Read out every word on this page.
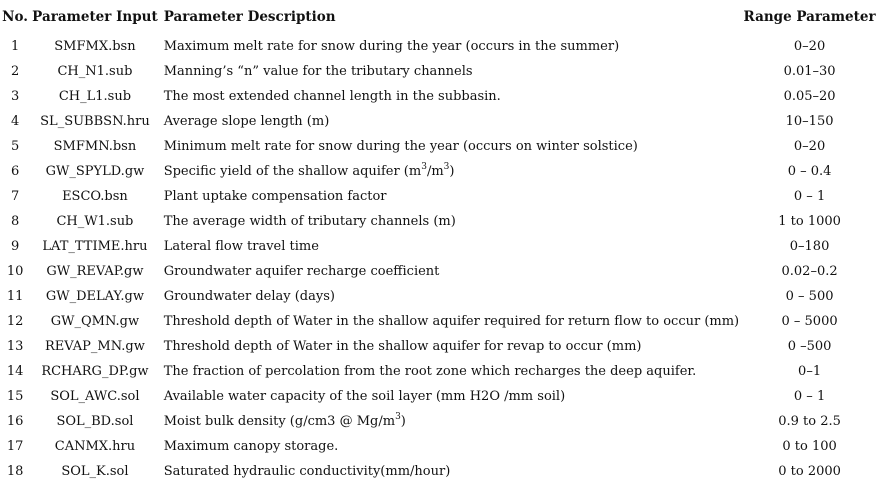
No.	Parameter Input	Parameter Description	Range Parameter
1	SMFMX.bsn	Maximum melt rate for snow during the year (occurs in the summer)	0–20
2	CH_N1.sub	Manning’s “n” value for the tributary channels	0.01–30
3	CH_L1.sub	The most extended channel length in the subbasin.	0.05–20
4	SL_SUBBSN.hru	Average slope length (m)	10–150
5	SMFMN.bsn	Minimum melt rate for snow during the year (occurs on winter solstice)	0–20
6	GW_SPYLD.gw	Specific yield of the shallow aquifer $(m^3/m^3)$	0 – 0.4
7	ESCO.bsn	Plant uptake compensation factor	0 – 1
8	CH_W1.sub	The average width of tributary channels (m)	1 to 1000
9	LAT_TTIME.hru	Lateral flow travel time	0–180
10	GW_REVAP.gw	Groundwater aquifer recharge coefficient	0.02–0.2
11	GW_DELAY.gw	Groundwater delay (days)	0 – 500
12	GW_QMN.gw	Threshold depth of Water in the shallow aquifer required for return flow to occur (mm)	0 – 5000
13	REVAP_MN.gw	Threshold depth of Water in the shallow aquifer for revap to occur (mm)	0 –500
14	RCHARG_DP.gw	The fraction of percolation from the root zone which recharges the deep aquifer.	0–1
15	SOL_AWC.sol	Available water capacity of the soil layer (mm H2O /mm soil)	0 – 1
16	SOL_BD.sol	Moist bulk density (g/cm3 @ $Mg/m^3$)	0.9 to 2.5
17	CANMX.hru	Maximum canopy storage.	0 to 100
18	SOL_K.sol	Saturated hydraulic conductivity(mm/hour)	0 to 2000
